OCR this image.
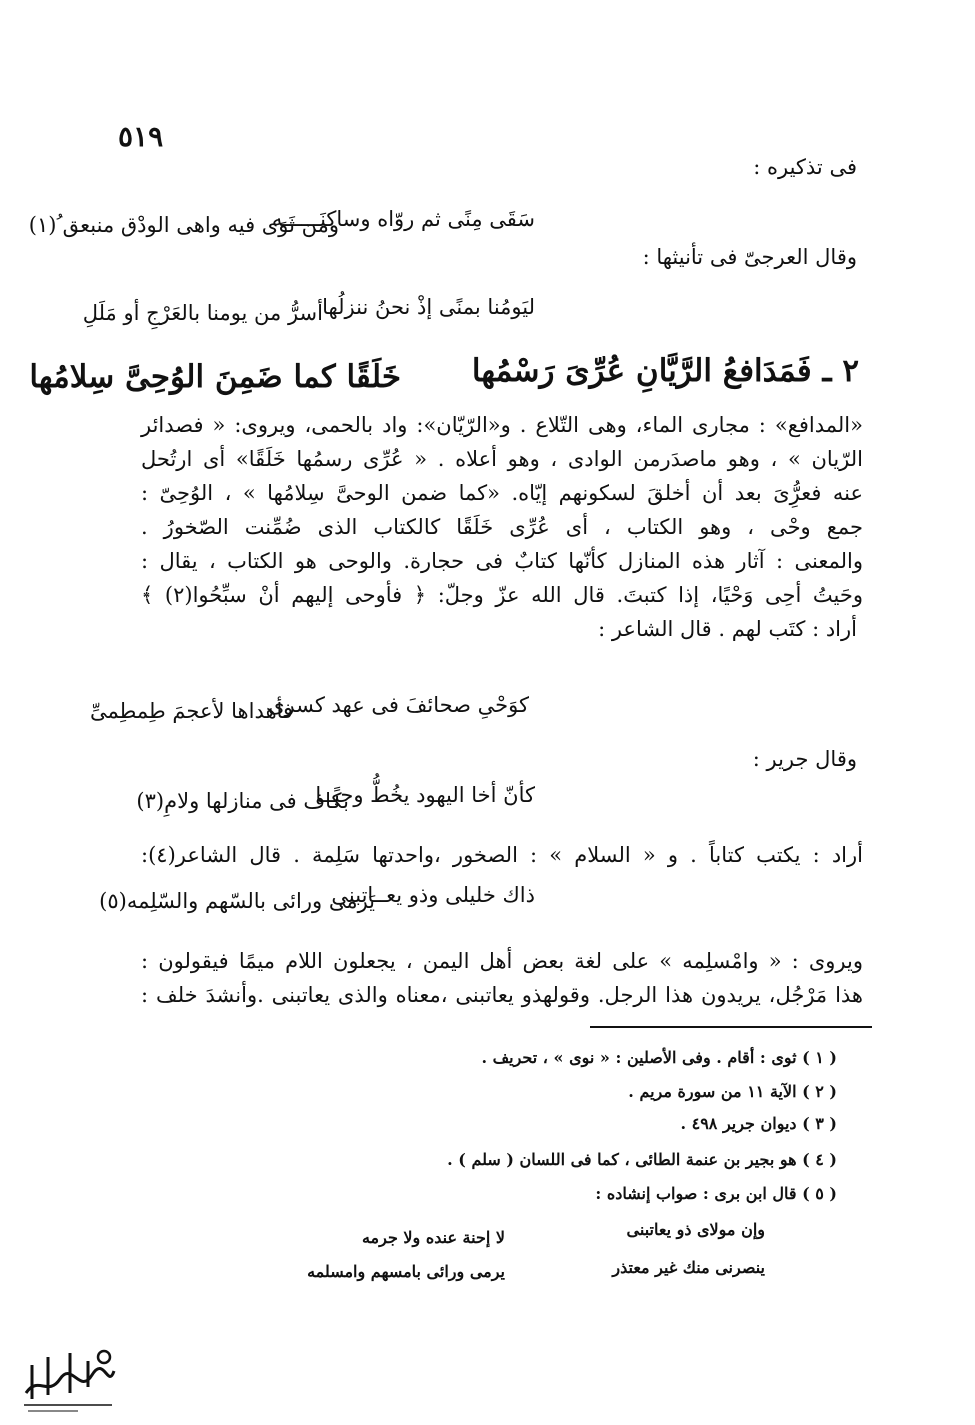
٥١٩
فى تذكيره :
سَقَى مِنًى ثم روّاه وساكنَــــــه
ومن ثَوَى فيه واهى الودْق منبعق ُ(١)
وقال العرجىّ فى تأنيثها :
ليَومُنا بمنًى إذْ نحنُ ننزلُها
أسرُّ من يومنا بالعَرْجِ أو مَلَلِ
٢ ـ فَمَدَافعُ الرَّيَّانِ عُرِّىَ رَسْمُها
خَلَقًا كما ضَمِنَ الوُحِىَّ سِلامُها
«المدافع» : مجارى الماء، وهى التّلاع . و«الرّيّان»: واد بالحمى، ويروى: « فصدائر
الرّيان » ، وهو ماصدَرمن الوادى ، وهو أعلاه . « عُرِّى رسمُها خَلَقًا» أى ارتُحل
عنه فعرُِّىَ بعد أن أخلقَ لسكونهم إيّاه. «كما ضمن الوحىَّ سِلامُها » ، الوُحِىّ :
جمع وحْى ، وهو الكتاب ، أى عُرِّى خَلَقًا كالكتاب الذى ضُمِّنت الصّخورُ .
والمعنى : آثار هذه المنازل كأنّها كتابٌ فى حجارة. والوحى هو الكتاب ، يقال :
وحَيتُ أحِى وَحْيًا، إذا كتبتَ. قال الله عزّ وجلّ: ﴿ فأوحى إليهم أنْ سبِّحُوا(٢) ﴾
أراد : كتَب لهم . قال الشاعر :
كوَحْىِ صحائفَ فى عهد كسرى
فأهداها لأعجمَ طِمطِمىِّ
وقال جرير :
كأنّ أخا اليهود يخُطُّ وحيًــا
بكاف فى منازلها ولامِ(٣)
أراد : يكتب كتاباً . و « السلام » : الصخور ،واحدتها سَلِمة . قال الشاعر(٤):
ذاك خليلى وذو يعــاتبنى
يَرمى ورائى بالسّهم والسّلِمه(٥)
ويروى : « وامْسلِمه » على لغة بعض أهل اليمن ، يجعلون اللام ميمًا فيقولون :
هذا مَرْجُل، يريدون هذا الرجل. وقولهذو يعاتبنى ،معناه والذى يعاتبنى .وأنشدَ خلف :
( ١ ) ثوى : أقام . وفى الأصلين : « نوى » ، تحريف .
( ٢ ) الآية ١١ من سورة مريم .
( ٣ ) ديوان جرير ٤٩٨ .
( ٤ ) هو بجير بن عنمة الطائى ، كما فى اللسان ( سلم ) .
( ٥ ) قال ابن برى : صواب إنشاده :
وإن مولاى ذو يعاتبنى
لا إحنة عنده ولا جرمه
ينصرنى منك غير معتذر
يرمى ورائى بامسهم وامسلمه
